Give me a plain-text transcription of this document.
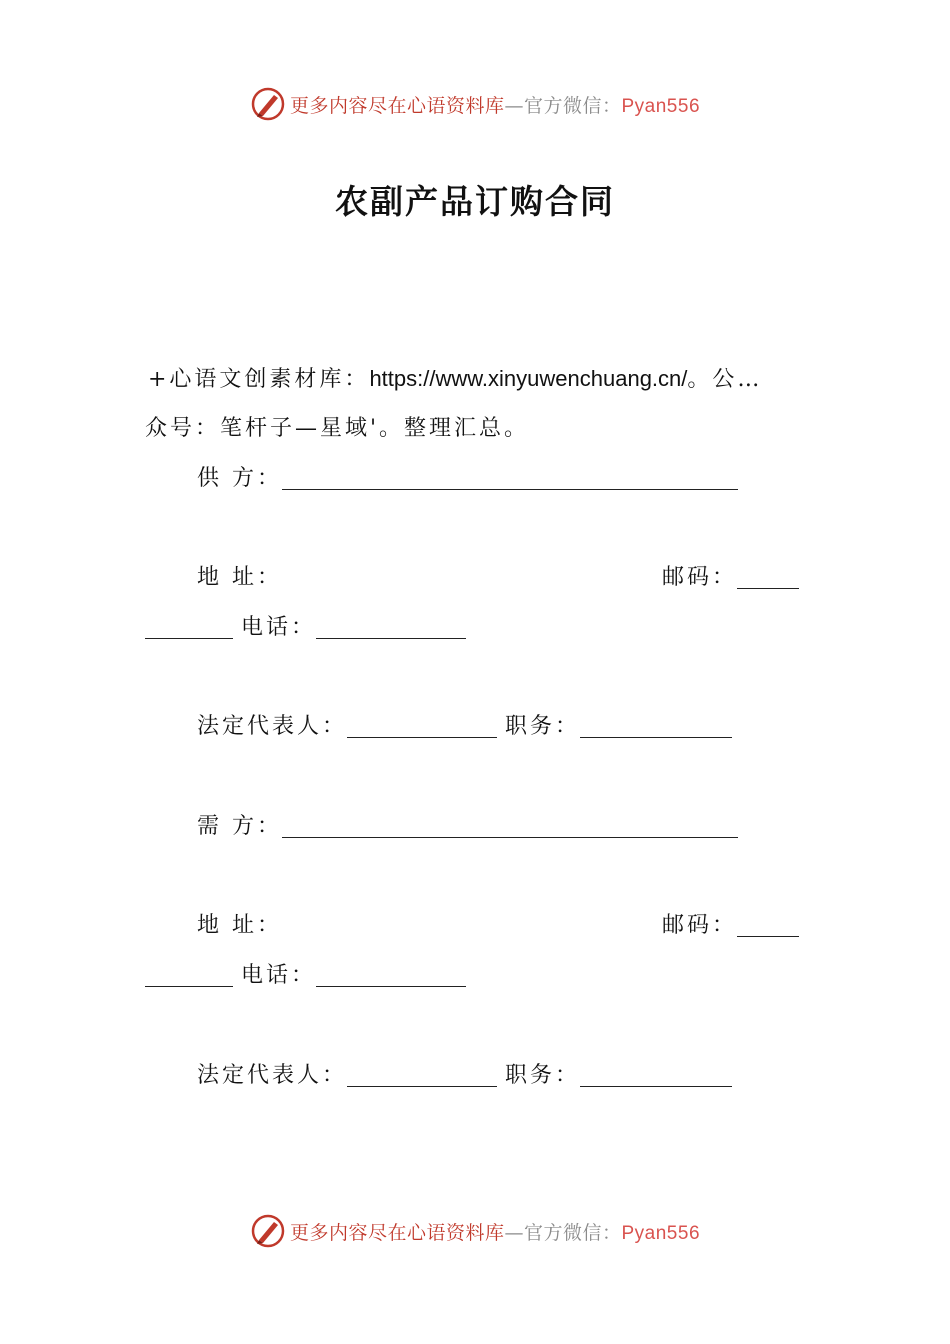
更多内容尽在心语资料库—官方微信：Pyan556
农副产品订购合同
+心语文创素材库：https://www.xinyuwenchuang.cn/。公…
众号：笔杆子—星域'。整理汇总。
供 方：
地 址：	邮码：
电话：
法定代表人：	职务：
需 方：
地 址：	邮码：
电话：
法定代表人：	职务：
更多内容尽在心语资料库—官方微信：Pyan556
